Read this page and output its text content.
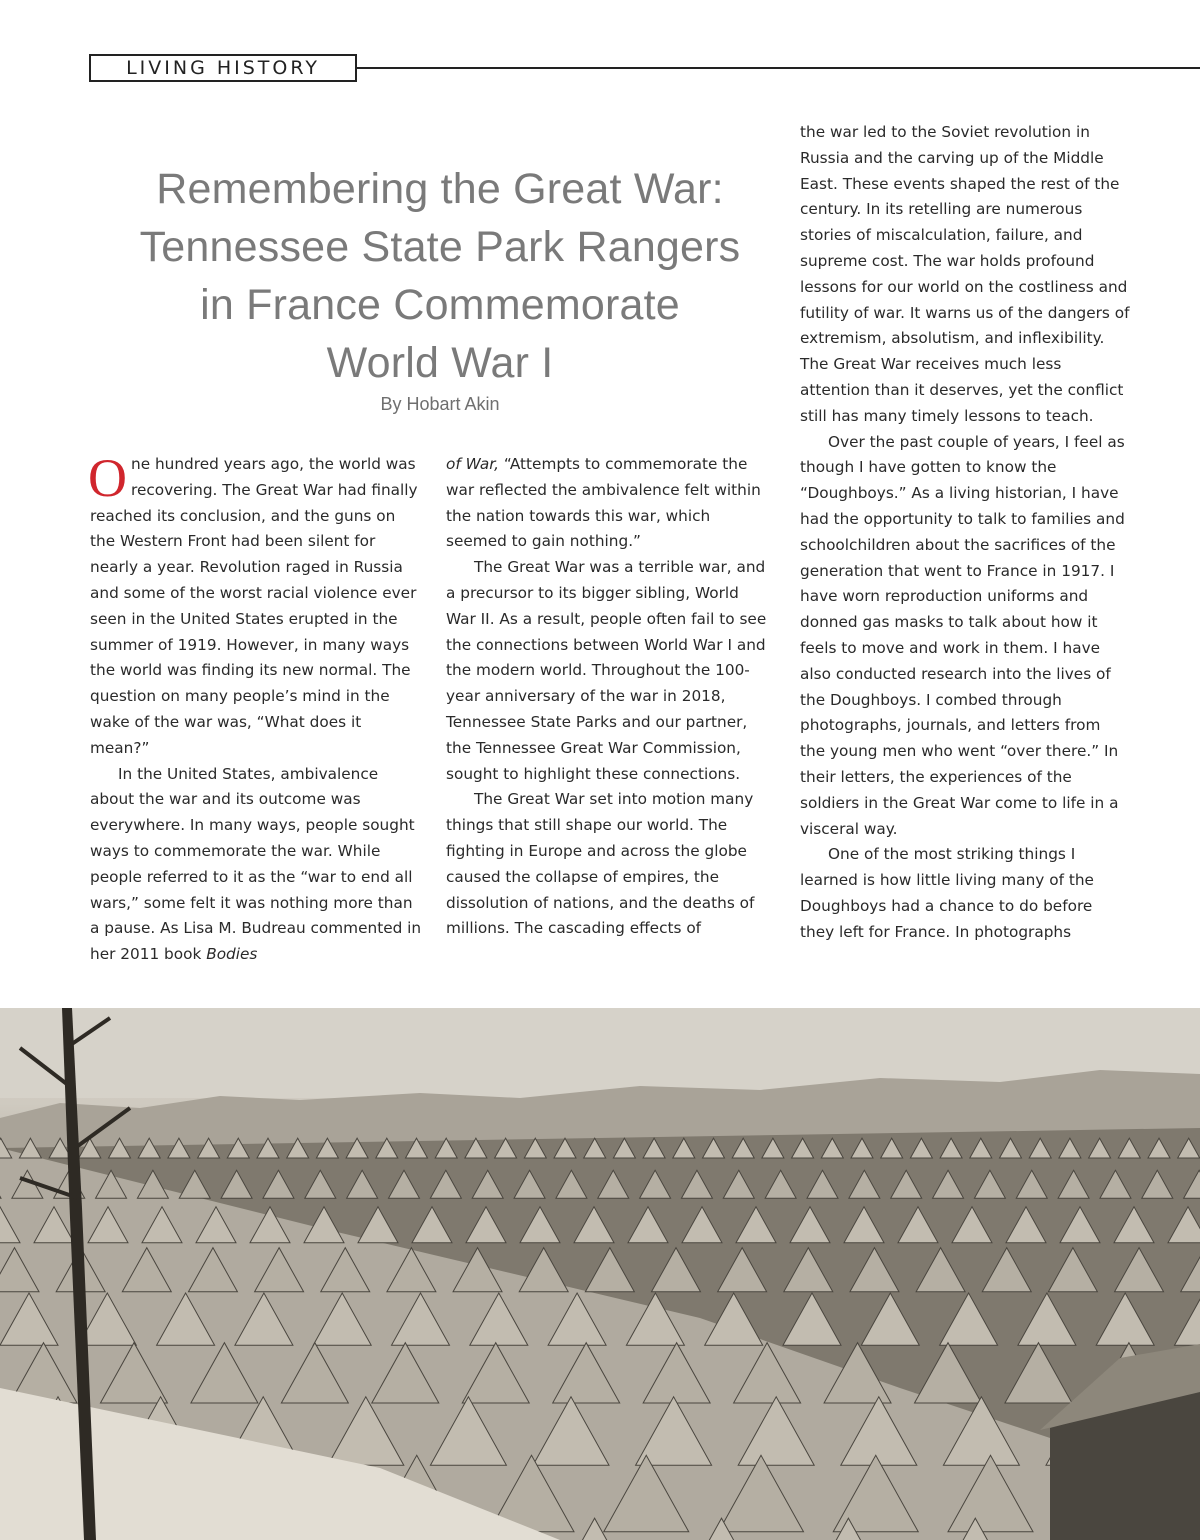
LIVING HISTORY
Remembering the Great War:
Tennessee State Park Rangers
in France Commemorate
World War I
By Hobart Akin

One hundred years ago, the world was recovering. The Great War had finally reached its conclusion, and the guns on the Western Front had been silent for nearly a year. Revolution raged in Russia and some of the worst racial violence ever seen in the United States erupted in the summer of 1919. However, in many ways the world was finding its new normal. The question on many people’s mind in the wake of the war was, “What does it mean?”

In the United States, ambivalence about the war and its outcome was everywhere. In many ways, people sought ways to commemorate the war. While people referred to it as the “war to end all wars,” some felt it was nothing more than a pause. As Lisa M. Budreau commented in her 2011 book Bodies

of War, “Attempts to commemorate the war reflected the ambivalence felt within the nation towards this war, which seemed to gain nothing.”

The Great War was a terrible war, and a precursor to its bigger sibling, World War II. As a result, people often fail to see the connections between World War I and the modern world. Throughout the 100-year anniversary of the war in 2018, Tennessee State Parks and our partner, the Tennessee Great War Commission, sought to highlight these connections.

The Great War set into motion many things that still shape our world. The fighting in Europe and across the globe caused the collapse of empires, the dissolution of nations, and the deaths of millions. The cascading effects of

the war led to the Soviet revolution in Russia and the carving up of the Middle East. These events shaped the rest of the century. In its retelling are numerous stories of miscalculation, failure, and supreme cost. The war holds profound lessons for our world on the costliness and futility of war. It warns us of the dangers of extremism, absolutism, and inflexibility. The Great War receives much less attention than it deserves, yet the conflict still has many timely lessons to teach.

Over the past couple of years, I feel as though I have gotten to know the “Doughboys.” As a living historian, I have had the opportunity to talk to families and schoolchildren about the sacrifices of the generation that went to France in 1917. I have worn reproduction uniforms and donned gas masks to talk about how it feels to move and work in them. I have also conducted research into the lives of the Doughboys. I combed through photographs, journals, and letters from the young men who went “over there.” In their letters, the experiences of the soldiers in the Great War come to life in a visceral way.

One of the most striking things I learned is how little living many of the Doughboys had a chance to do before they left for France. In photographs
